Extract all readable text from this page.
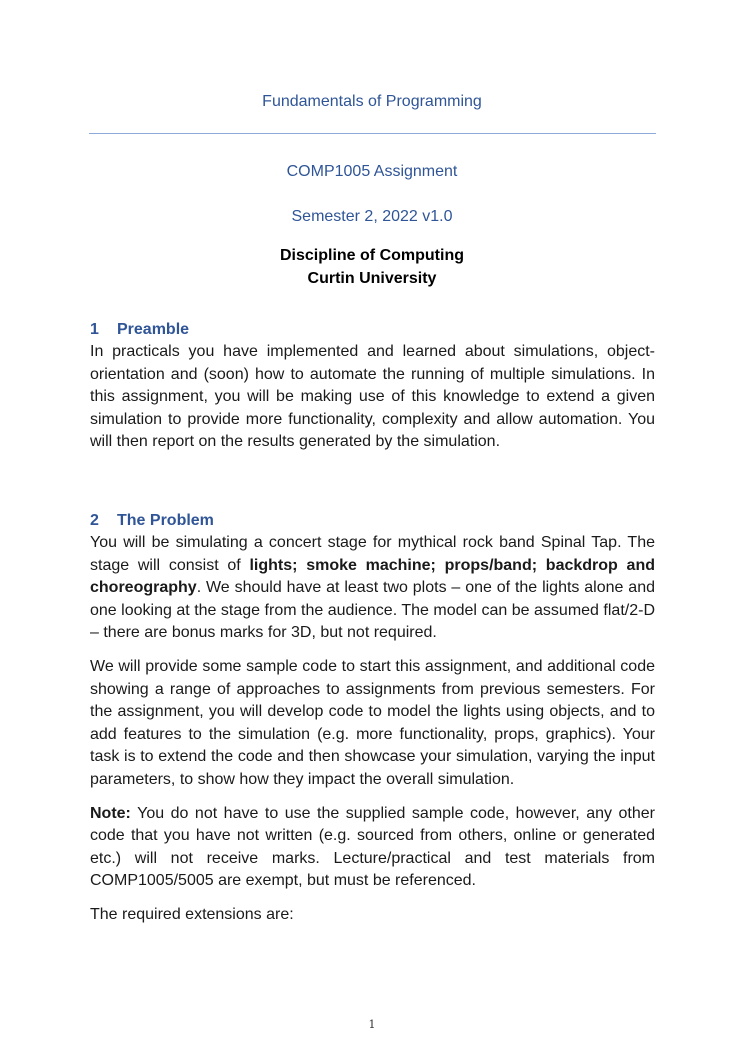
Fundamentals of Programming
COMP1005 Assignment
Semester 2, 2022 v1.0
Discipline of Computing
Curtin University
1 Preamble

In practicals you have implemented and learned about simulations, object-orientation and (soon) how to automate the running of multiple simulations. In this assignment, you will be making use of this knowledge to extend a given simulation to provide more functionality, complexity and allow automation. You will then report on the results generated by the simulation.

2 The Problem

You will be simulating a concert stage for mythical rock band Spinal Tap. The stage will consist of lights; smoke machine; props/band; backdrop and choreography. We should have at least two plots – one of the lights alone and one looking at the stage from the audience. The model can be assumed flat/2-D – there are bonus marks for 3D, but not required.

We will provide some sample code to start this assignment, and additional code showing a range of approaches to assignments from previous semesters. For the assignment, you will develop code to model the lights using objects, and to add features to the simulation (e.g. more functionality, props, graphics). Your task is to extend the code and then showcase your simulation, varying the input parameters, to show how they impact the overall simulation.

Note: You do not have to use the supplied sample code, however, any other code that you have not written (e.g. sourced from others, online or generated etc.) will not receive marks. Lecture/practical and test materials from COMP1005/5005 are exempt, but must be referenced.

The required extensions are:

1
